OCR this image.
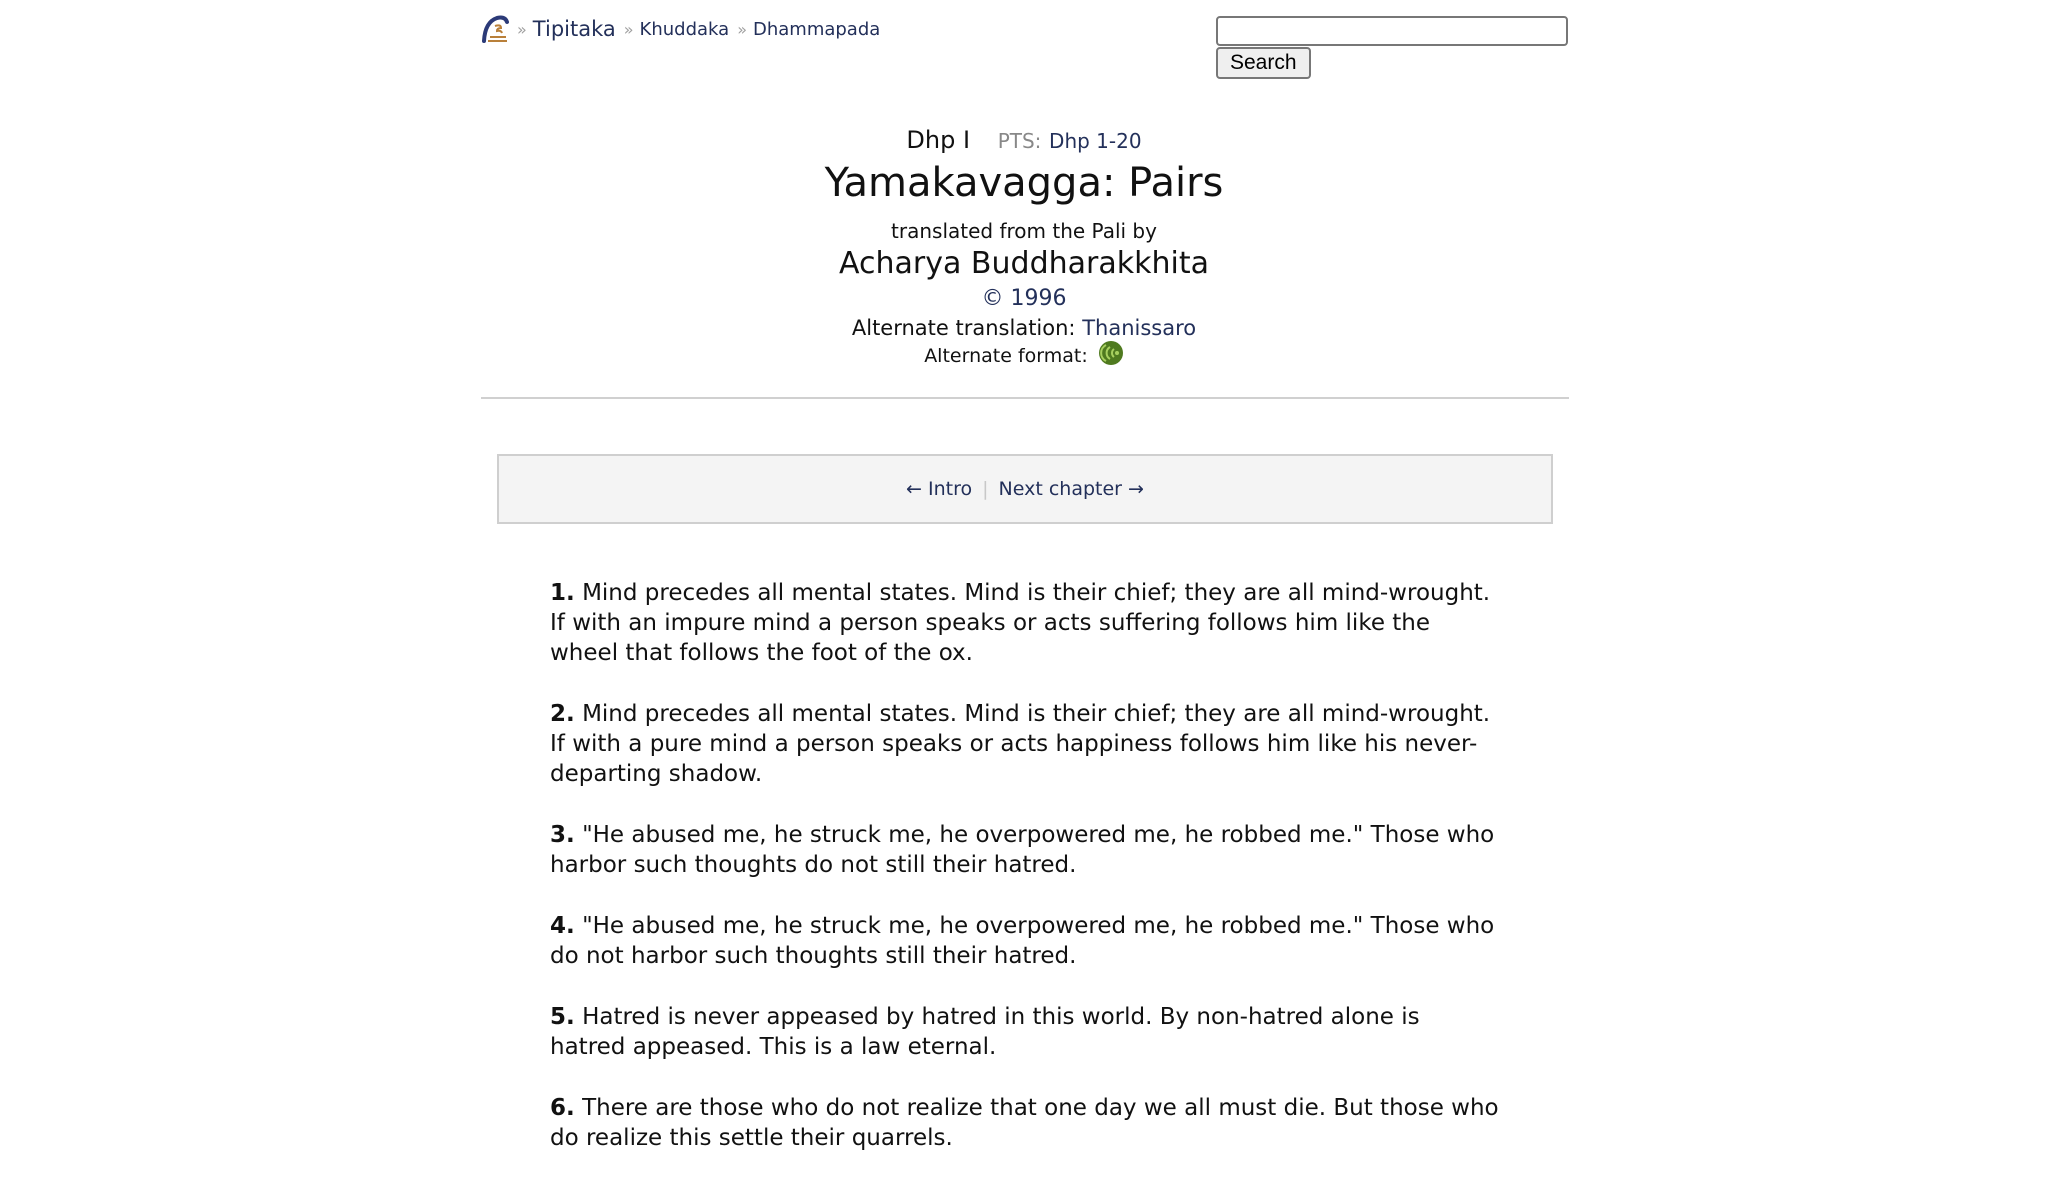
» Tipitaka » Khuddaka » Dhammapada
Search
Dhp I PTS: Dhp 1-20
Yamakavagga: Pairs
translated from the Pali by
Acharya Buddharakkhita
© 1996
Alternate translation: Thanissaro
Alternate format:
← Intro | Next chapter →

1. Mind precedes all mental states. Mind is their chief; they are all mind-wrought. If with an impure mind a person speaks or acts suffering follows him like the wheel that follows the foot of the ox.

2. Mind precedes all mental states. Mind is their chief; they are all mind-wrought. If with a pure mind a person speaks or acts happiness follows him like his never-departing shadow.

3. "He abused me, he struck me, he overpowered me, he robbed me." Those who harbor such thoughts do not still their hatred.

4. "He abused me, he struck me, he overpowered me, he robbed me." Those who do not harbor such thoughts still their hatred.

5. Hatred is never appeased by hatred in this world. By non-hatred alone is hatred appeased. This is a law eternal.

6. There are those who do not realize that one day we all must die. But those who do realize this settle their quarrels.
